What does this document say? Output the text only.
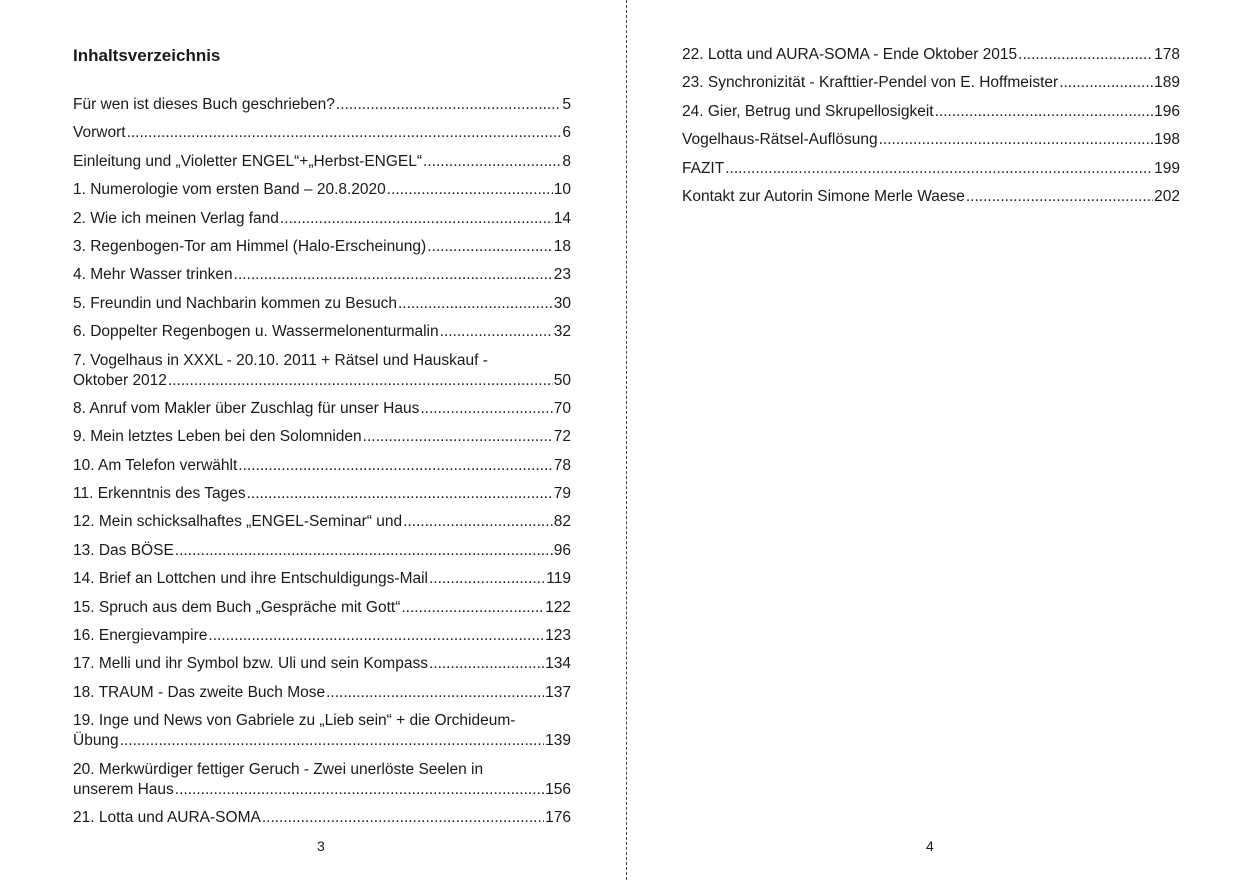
Inhaltsverzeichnis
Für wen ist dieses Buch geschrieben? .....	5
Vorwort .....	6
Einleitung und „Violetter ENGEL“+„Herbst-ENGEL“ .....	8
1. Numerologie vom ersten Band – 20.8.2020 .....	10
2. Wie ich meinen Verlag fand .....	14
3. Regenbogen-Tor am Himmel (Halo-Erscheinung) .....	18
4. Mehr Wasser trinken .....	23
5. Freundin und Nachbarin kommen zu Besuch .....	30
6. Doppelter Regenbogen u. Wassermelonenturmalin .....	32
7. Vogelhaus in XXXL - 20.10. 2011 + Rätsel und Hauskauf -
Oktober 2012 .....	50
8. Anruf vom Makler über Zuschlag für unser Haus .....	70
9. Mein letztes Leben bei den Solomniden .....	72
10. Am Telefon verwählt .....	78
11. Erkenntnis des Tages .....	79
12. Mein schicksalhaftes „ENGEL-Seminar“ und .....	82
13. Das BÖSE .....	96
14. Brief an Lottchen und ihre Entschuldigungs-Mail .....	119
15. Spruch aus dem Buch „Gespräche mit Gott“ .....	122
16. Energievampire .....	123
17. Melli und ihr Symbol bzw. Uli und sein Kompass .....	134
18. TRAUM - Das zweite Buch Mose .....	137
19. Inge und News von Gabriele zu „Lieb sein“ + die Orchideum-
Übung .....	139
20. Merkwürdiger fettiger Geruch - Zwei unerlöste Seelen in
unserem Haus .....	156
21. Lotta und AURA-SOMA .....	176
3
22. Lotta und AURA-SOMA - Ende Oktober 2015 .....	178
23. Synchronizität - Krafttier-Pendel von E. Hoffmeister .....	189
24. Gier, Betrug und Skrupellosigkeit .....	196
Vogelhaus-Rätsel-Auflösung .....	198
FAZIT .....	199
Kontakt zur Autorin Simone Merle Waese .....	202
4
